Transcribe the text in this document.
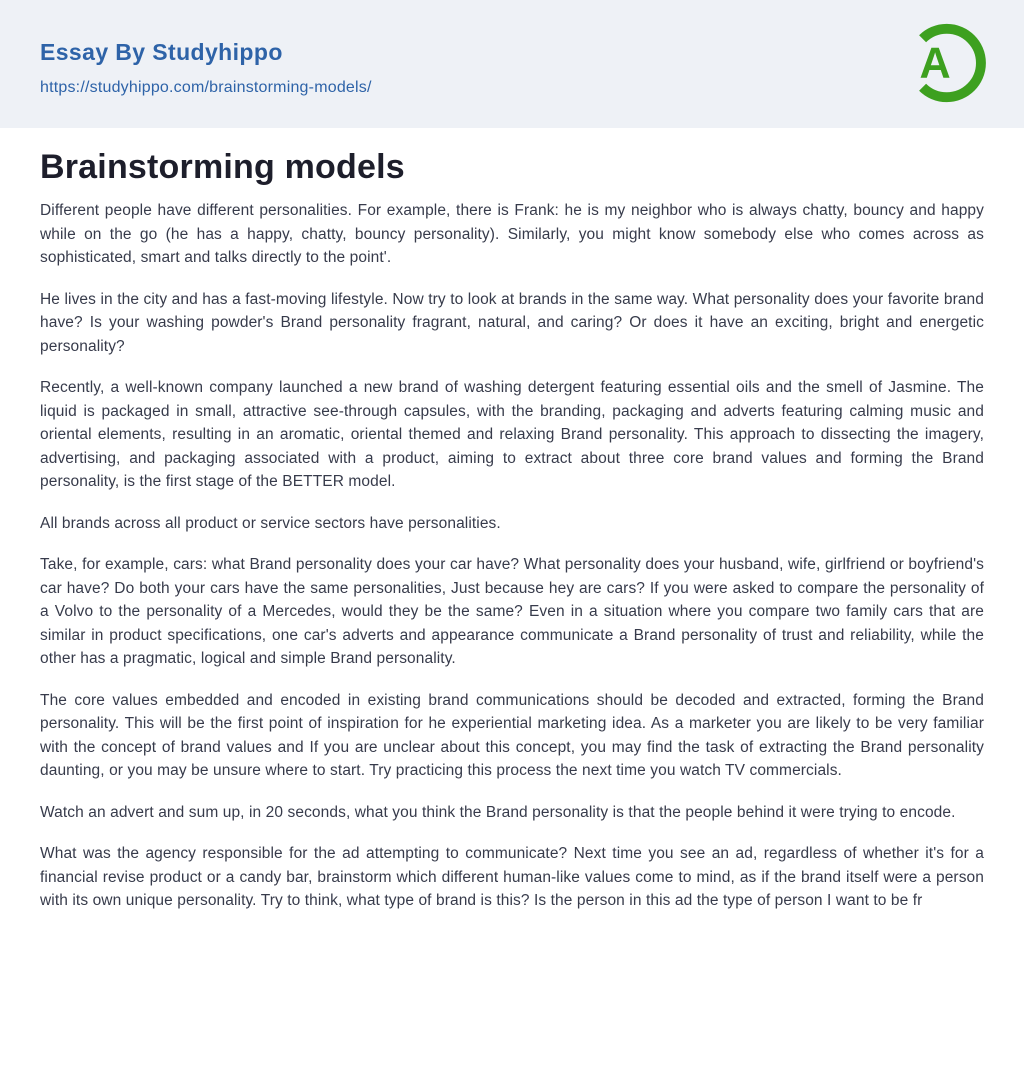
Essay By Studyhippo
https://studyhippo.com/brainstorming-models/
A
Brainstorming models

Different people have different personalities. For example, there is Frank: he is my neighbor who is always chatty, bouncy and happy while on the go (he has a happy, chatty, bouncy personality). Similarly, you might know somebody else who comes across as sophisticated, smart and talks directly to the point'.

He lives in the city and has a fast-moving lifestyle. Now try to look at brands in the same way. What personality does your favorite brand have? Is your washing powder's Brand personality fragrant, natural, and caring? Or does it have an exciting, bright and energetic personality?

Recently, a well-known company launched a new brand of washing detergent featuring essential oils and the smell of Jasmine. The liquid is packaged in small, attractive see-through capsules, with the branding, packaging and adverts featuring calming music and oriental elements, resulting in an aromatic, oriental themed and relaxing Brand personality. This approach to dissecting the imagery, advertising, and packaging associated with a product, aiming to extract about three core brand values and forming the Brand personality, is the first stage of the BETTER model.

All brands across all product or service sectors have personalities.

Take, for example, cars: what Brand personality does your car have? What personality does your husband, wife, girlfriend or boyfriend's car have? Do both your cars have the same personalities, Just because hey are cars? If you were asked to compare the personality of a Volvo to the personality of a Mercedes, would they be the same? Even in a situation where you compare two family cars that are similar in product specifications, one car's adverts and appearance communicate a Brand personality of trust and reliability, while the other has a pragmatic, logical and simple Brand personality.

The core values embedded and encoded in existing brand communications should be decoded and extracted, forming the Brand personality. This will be the first point of inspiration for he experiential marketing idea. As a marketer you are likely to be very familiar with the concept of brand values and If you are unclear about this concept, you may find the task of extracting the Brand personality daunting, or you may be unsure where to start. Try practicing this process the next time you watch TV commercials.

Watch an advert and sum up, in 20 seconds, what you think the Brand personality is that the people behind it were trying to encode.

What was the agency responsible for the ad attempting to communicate? Next time you see an ad, regardless of whether it's for a financial revise product or a candy bar, brainstorm which different human-like values come to mind, as if the brand itself were a person with its own unique personality. Try to think, what type of brand is this? Is the person in this ad the type of person I want to be fr
